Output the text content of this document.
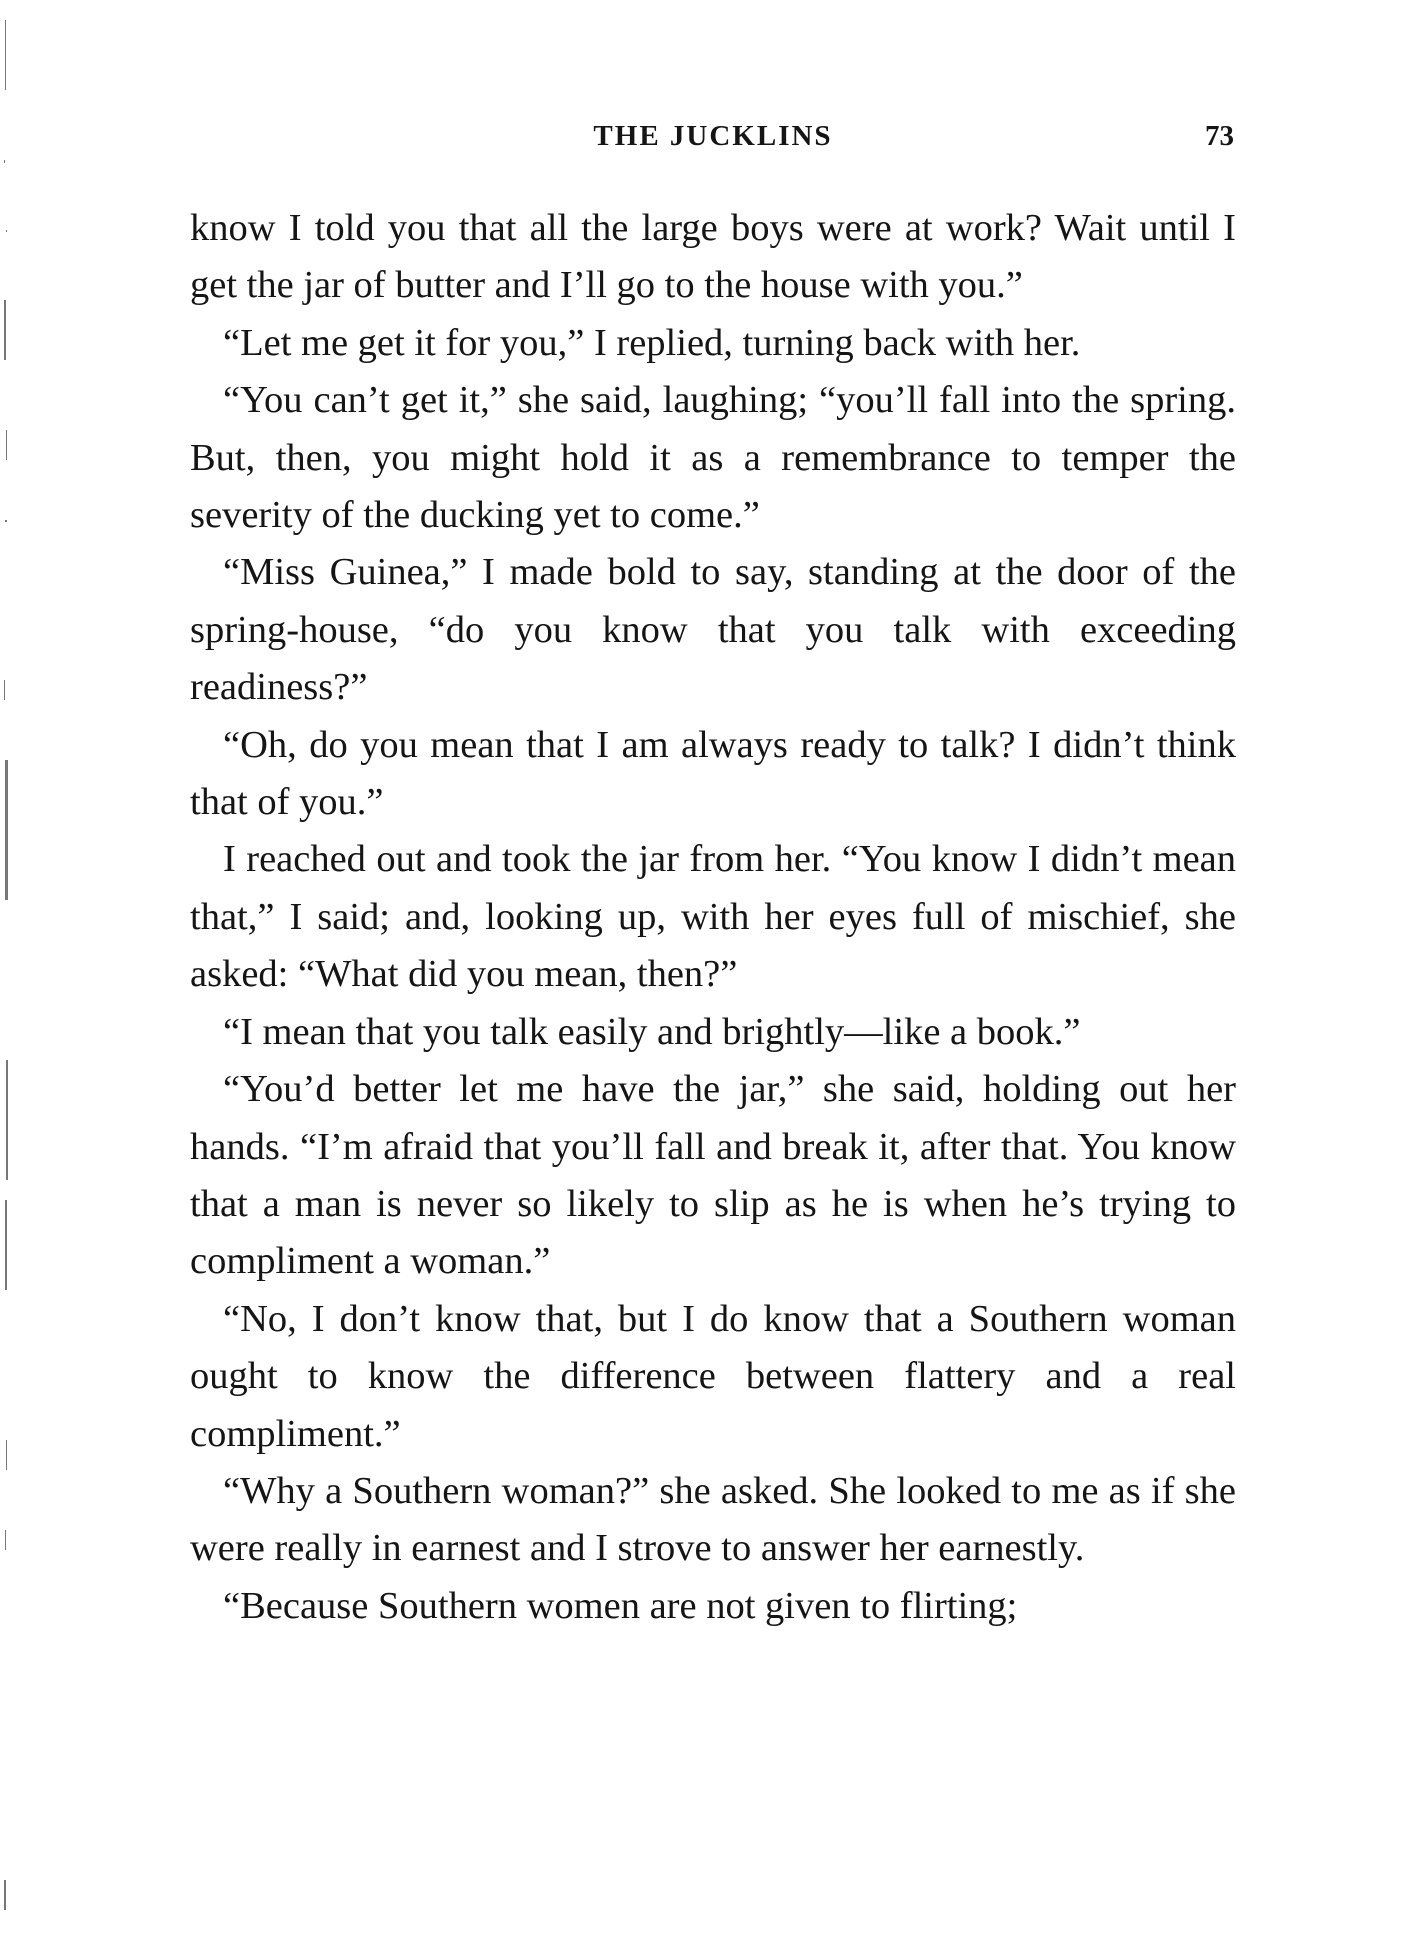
THE JUCKLINS	73

know I told you that all the large boys were at work? Wait until I get the jar of butter and I’ll go to the house with you.”

“Let me get it for you,” I replied, turning back with her.

“You can’t get it,” she said, laughing; “you’ll fall into the spring. But, then, you might hold it as a remembrance to temper the severity of the ducking yet to come.”

“Miss Guinea,” I made bold to say, standing at the door of the spring-house, “do you know that you talk with exceeding readiness?”

“Oh, do you mean that I am always ready to talk? I didn’t think that of you.”

I reached out and took the jar from her. “You know I didn’t mean that,” I said; and, looking up, with her eyes full of mischief, she asked: “What did you mean, then?”

“I mean that you talk easily and brightly—like a book.”

“You’d better let me have the jar,” she said, holding out her hands. “I’m afraid that you’ll fall and break it, after that. You know that a man is never so likely to slip as he is when he’s trying to compliment a woman.”

“No, I don’t know that, but I do know that a Southern woman ought to know the difference between flattery and a real compliment.”

“Why a Southern woman?” she asked. She looked to me as if she were really in earnest and I strove to answer her earnestly.

“Because Southern women are not given to flirting;
